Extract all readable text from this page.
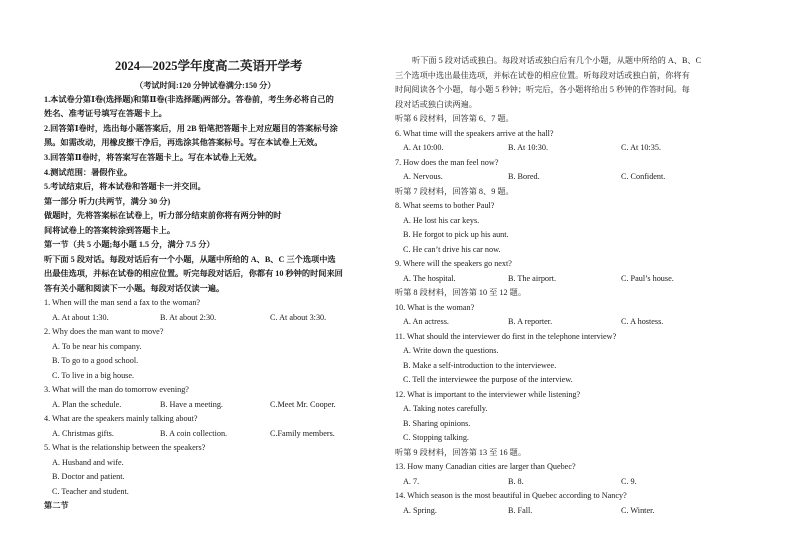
2024—2025学年度高二英语开学考
（考试时间:120 分钟试卷满分:150 分）
1.本试卷分第Ⅰ卷(选择题)和第Ⅱ卷(非选择题)两部分。答卷前，考生务必将自己的
姓名、准考证号填写在答题卡上。
2.回答第Ⅰ卷时，选出每小题答案后，用 2B 铅笔把答题卡上对应题目的答案标号涂
黑。如需改动，用橡皮擦干净后，再选涂其他答案标号。写在本试卷上无效。
3.回答第Ⅱ卷时，将答案写在答题卡上。写在本试卷上无效。
4.测试范围：暑假作业。
5.考试结束后，将本试卷和答题卡一并交回。
第一部分 听力(共两节，满分 30 分)
做题时，先将答案标在试卷上，听力部分结束前你将有两分钟的时
间将试卷上的答案转涂到答题卡上。
第一节（共 5 小题;每小题 1.5 分，满分 7.5 分）
听下面 5 段对话。每段对话后有一个小题，从题中所给的 A、B、C 三个选项中选
出最佳选项，并标在试卷的相应位置。听完每段对话后，你都有 10 秒钟的时间来回
答有关小题和阅读下一小题。每段对话仅读一遍。
1. When will the man send a fax to the woman?
A. At about 1:30.	B. At about 2:30.	C. At about 3:30.
2. Why does the man want to move?
A. To be near his company.
B. To go to a good school.
C. To live in a big house.
3. What will the man do tomorrow evening?
A. Plan the schedule.	B. Have a meeting.	C.Meet Mr. Cooper.
4. What are the speakers mainly talking about?
A. Christmas gifts.	B. A coin collection.	C.Family members.
5. What is the relationship between the speakers?
A. Husband and wife.
B. Doctor and patient.
C. Teacher and student.
第二节
听下面 5 段对话或独白。每段对话或独白后有几个小题，从题中所给的 A、B、C
三个选项中选出最佳选项，并标在试卷的相应位置。听每段对话或独白前，你将有
时间阅读各个小题，每小题 5 秒钟；听完后，各小题将给出 5 秒钟的作答时间。每
段对话或独白读两遍。
听第 6 段材料，回答第 6、7 题。
6. What time will the speakers arrive at the hall?
A. At 10:00.	B. At 10:30.	C. At 10:35.
7. How does the man feel now?
A. Nervous.	B. Bored.	C. Confident.
听第 7 段材料，回答第 8、9 题。
8. What seems to bother Paul?
A. He lost his car keys.
B. He forgot to pick up his aunt.
C. He can’t drive his car now.
9. Where will the speakers go next?
A. The hospital.	B. The airport.	C. Paul’s house.
听第 8 段材料，回答第 10 至 12 题。
10. What is the woman?
A. An actress.	B. A reporter.	C. A hostess.
11. What should the interviewer do first in the telephone interview?
A. Write down the questions.
B. Make a self-introduction to the interviewee.
C. Tell the interviewee the purpose of the interview.
12. What is important to the interviewer while listening?
A. Taking notes carefully.
B. Sharing opinions.
C. Stopping talking.
听第 9 段材料，回答第 13 至 16 题。
13. How many Canadian cities are larger than Quebec?
A. 7.	B. 8.	C. 9.
14. Which season is the most beautiful in Quebec according to Nancy?
A. Spring.	B. Fall.	C. Winter.
